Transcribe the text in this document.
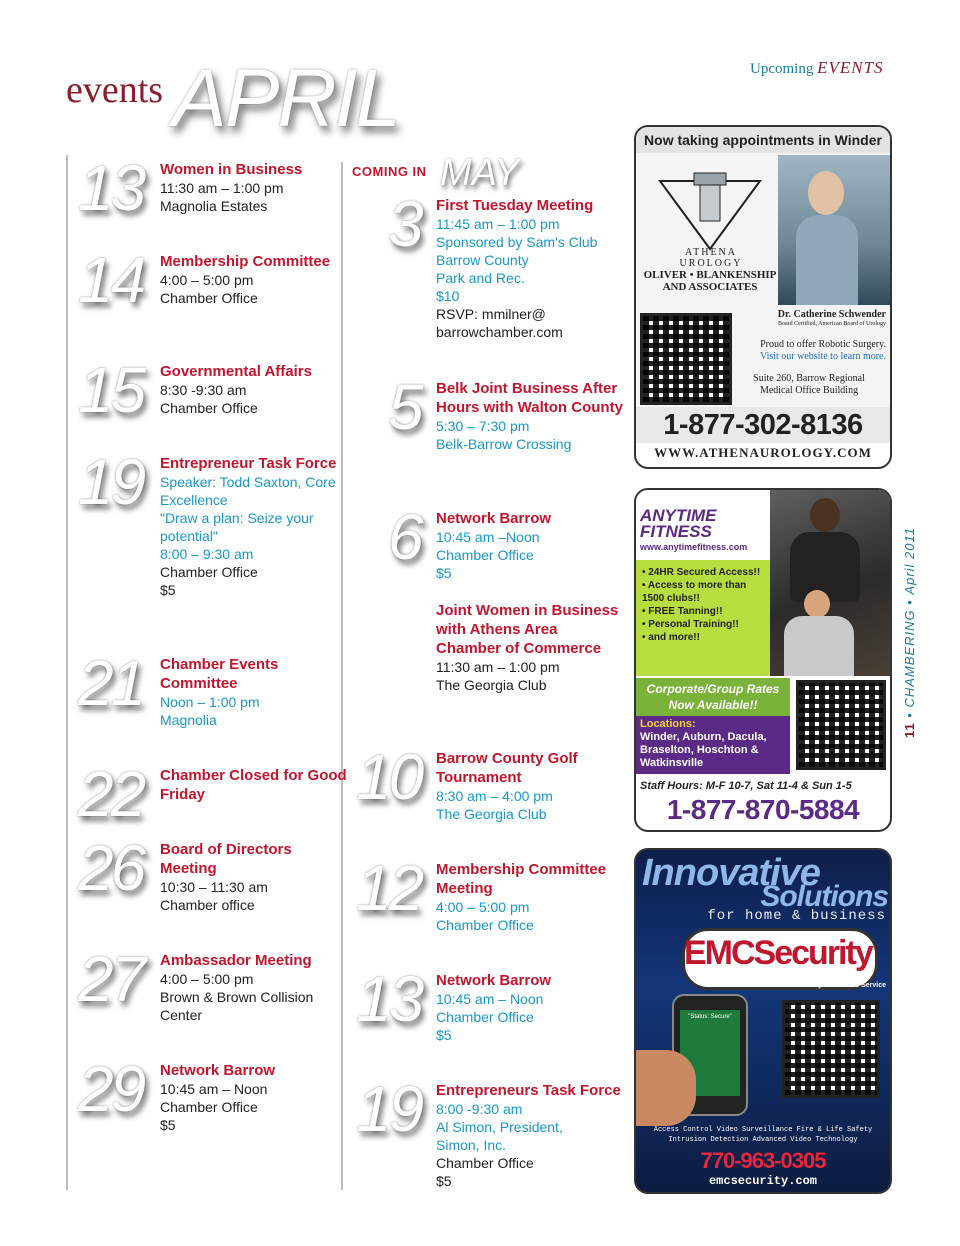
events APRIL	Upcoming EVENTS
13 Women in Business
11:30 am – 1:00 pm
Magnolia Estates
14 Membership Committee
4:00 – 5:00 pm
Chamber Office
15 Governmental Affairs
8:30 -9:30 am
Chamber Office
19 Entrepreneur Task Force
Speaker: Todd Saxton, Core Excellence
"Draw a plan: Seize your potential"
8:00 – 9:30 am
Chamber Office
$5
21 Chamber Events Committee
Noon – 1:00 pm
Magnolia
22 Chamber Closed for Good Friday
26 Board of Directors Meeting
10:30 – 11:30 am
Chamber office
27 Ambassador Meeting
4:00 – 5:00 pm
Brown & Brown Collision Center
29 Network Barrow
10:45 am – Noon
Chamber Office
$5
COMING IN MAY
3 First Tuesday Meeting
11:45 am – 1:00 pm
Sponsored by Sam's Club
Barrow County
Park and Rec.
$10
RSVP: mmilner@
barrowchamber.com
5 Belk Joint Business After Hours with Walton County
5:30 – 7:30 pm
Belk-Barrow Crossing
6 Network Barrow
10:45 am –Noon
Chamber Office
$5
Joint Women in Business with Athens Area Chamber of Commerce
11:30 am – 1:00 pm
The Georgia Club
10 Barrow County Golf Tournament
8:30 am – 4:00 pm
The Georgia Club
12 Membership Committee Meeting
4:00 – 5:00 pm
Chamber Office
13 Network Barrow
10:45 am – Noon
Chamber Office
$5
19 Entrepreneurs Task Force
8:00 -9:30 am
Al Simon, President,
Simon, Inc.
Chamber Office
$5
11 • CHAMBERING • April 2011
Now taking appointments in Winder
ATHENA UROLOGY
OLIVER • BLANKENSHIP AND ASSOCIATES
Dr. Catherine Schwender
Board Certified, American Board of Urology
Proud to offer Robotic Surgery.
Visit our website to learn more.
Suite 260, Barrow Regional Medical Office Building
1-877-302-8136
WWW.ATHENAUROLOGY.COM
ANYTIME FITNESS
www.anytimefitness.com
• 24HR Secured Access!!
• Access to more than 1500 clubs!!
• FREE Tanning!!
• Personal Training!!
• and more!!
Corporate/Group Rates Now Available!!
Locations:
Winder, Auburn, Dacula, Braselton, Hoschton & Watkinsville
Staff Hours: M-F 10-7, Sat 11-4 & Sun 1-5
1-877-870-5884
Innovative
Solutions
for home & business
EMCSecurity
a Jackson/Walton/GreyStone EMC Service
"Status: Secure"
Access Control Video Surveillance Fire & Life Safety
Intrusion Detection Advanced Video Technology
770-963-0305
emcsecurity.com
